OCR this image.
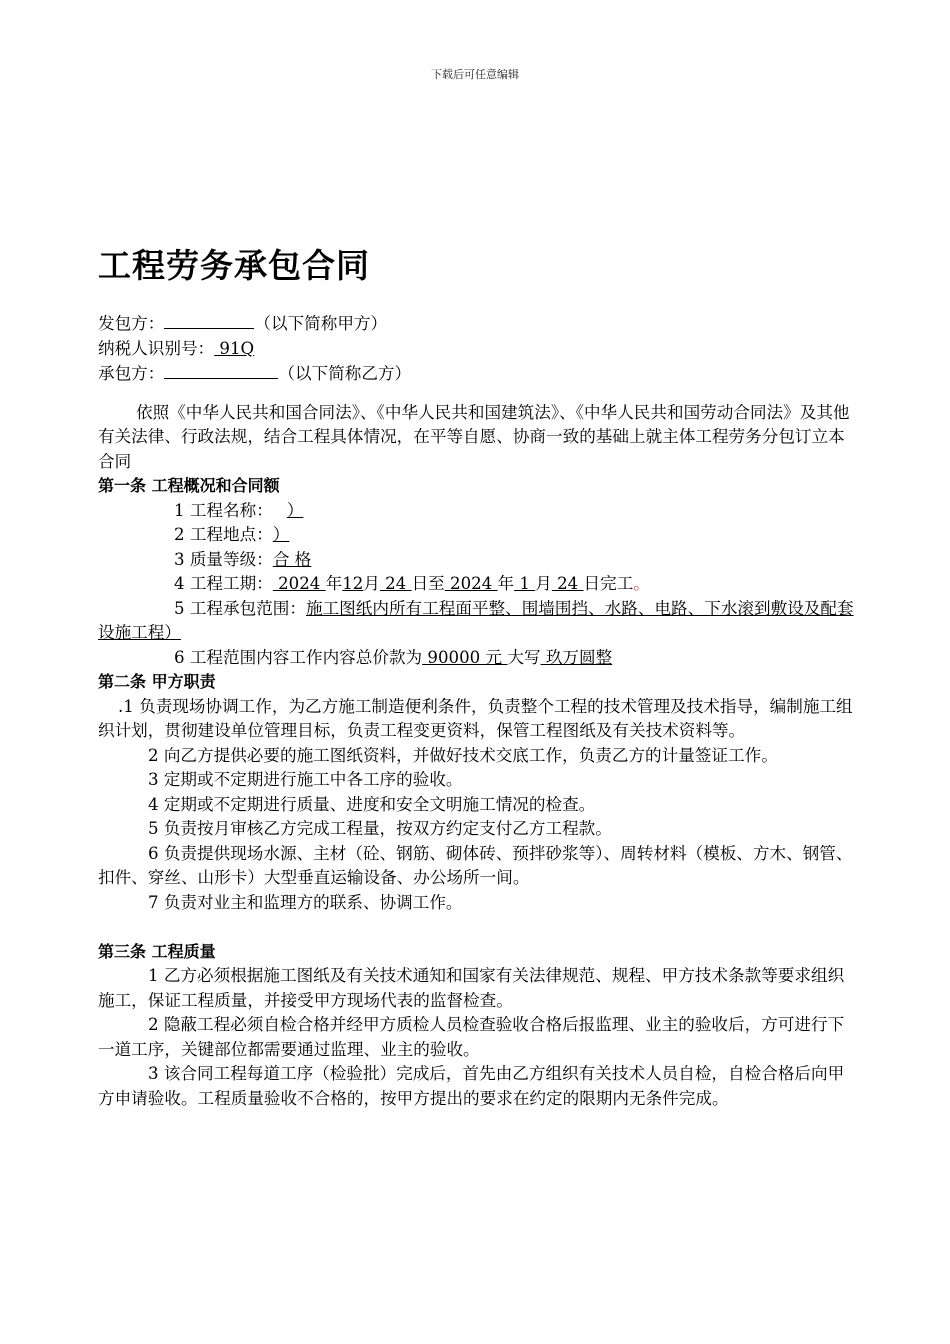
下载后可任意编辑
工程劳务承包合同
发包方：	（以下简称甲方）
纳税人识别号： 91Q
承包方：	（以下简称乙方）
依照《中华人民共和国合同法》、《中华人民共和国建筑法》、《中华人民共和国劳动合同法》及其他有关法律、行政法规，结合工程具体情况，在平等自愿、协商一致的基础上就主体工程劳务分包订立本合同
第一条 工程概况和合同额
1 工程名称： ）
2 工程地点：）
3 质量等级：合 格
4 工程工期： 2024 年12月 24 日至 2024 年 1 月 24 日完工。
5 工程承包范围：施工图纸内所有工程面平整、围墙围挡、水路、电路、下水滚到敷设及配套设施工程）
6 工程范围内容工作内容总价款为 90000 元 大写 玖万圆整
第二条 甲方职责
.1 负责现场协调工作，为乙方施工制造便利条件，负责整个工程的技术管理及技术指导，编制施工组织计划，贯彻建设单位管理目标，负责工程变更资料，保管工程图纸及有关技术资料等。
2 向乙方提供必要的施工图纸资料，并做好技术交底工作，负责乙方的计量签证工作。
3 定期或不定期进行施工中各工序的验收。
4 定期或不定期进行质量、进度和安全文明施工情况的检查。
5 负责按月审核乙方完成工程量，按双方约定支付乙方工程款。
6 负责提供现场水源、主材（砼、钢筋、砌体砖、预拌砂浆等）、周转材料（模板、方木、钢管、扣件、穿丝、山形卡）大型垂直运输设备、办公场所一间。
7 负责对业主和监理方的联系、协调工作。
第三条 工程质量
1 乙方必须根据施工图纸及有关技术通知和国家有关法律规范、规程、甲方技术条款等要求组织施工，保证工程质量，并接受甲方现场代表的监督检查。
2 隐蔽工程必须自检合格并经甲方质检人员检查验收合格后报监理、业主的验收后，方可进行下一道工序，关键部位都需要通过监理、业主的验收。
3 该合同工程每道工序（检验批）完成后，首先由乙方组织有关技术人员自检，自检合格后向甲方申请验收。工程质量验收不合格的，按甲方提出的要求在约定的限期内无条件完成。
